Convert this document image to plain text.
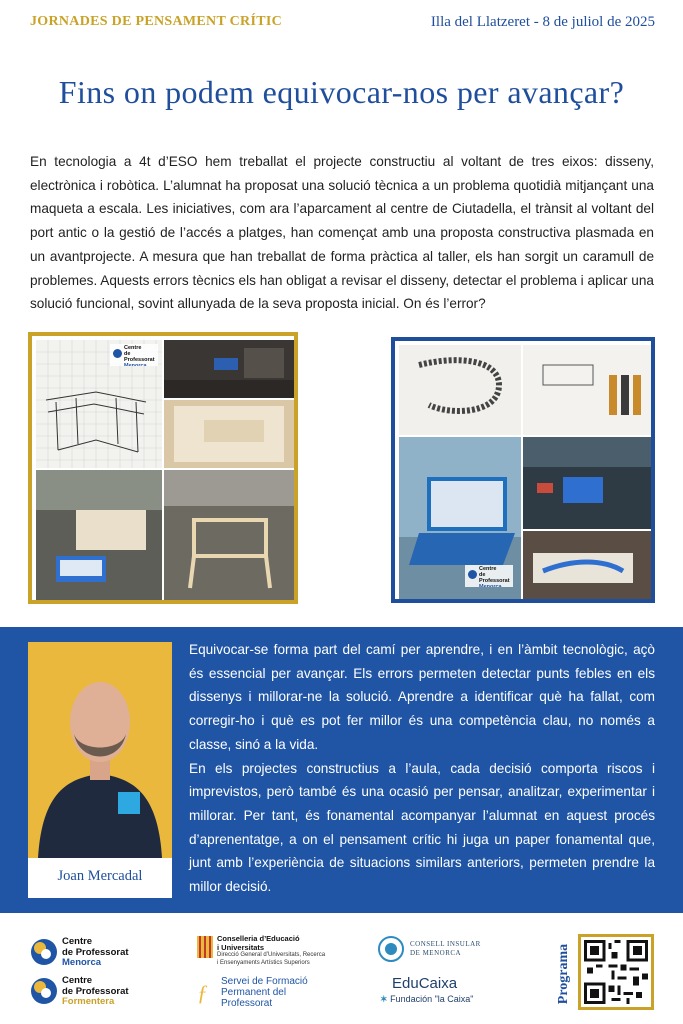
JORNADES DE PENSAMENT CRÍTIC	Illa del Llatzeret - 8 de juliol de 2025
Fins on podem equivocar-nos per avançar?
En tecnologia a 4t d’ESO hem treballat el projecte constructiu al voltant de tres eixos: disseny, electrònica i robòtica. L’alumnat ha proposat una solució tècnica a un problema quotidià mitjançant una maqueta a escala. Les iniciatives, com ara l’aparcament al centre de Ciutadella, el trànsit al voltant del port antic o la gestió de l’accés a platges, han començat amb una proposta constructiva plasmada en un avantprojecte. A mesura que han treballat de forma pràctica al taller, els han sorgit un caramull de problemes. Aquests errors tècnics els han obligat a revisar el disseny, detectar el problema i aplicar una solució funcional, sovint allunyada de la seva proposta inicial. On és l’error?
Centre
de Professorat
Menorca
Centre
de Professorat
Menorca
Joan Mercadal

Equivocar-se forma part del camí per aprendre, i en l’àmbit tecnològic, açò és essencial per avançar. Els errors permeten detectar punts febles en els dissenys i millorar-ne la solució. Aprendre a identificar què ha fallat, com corregir-ho i què es pot fer millor és una competència clau, no només a classe, sinó a la vida.

En els projectes constructius a l’aula, cada decisió comporta riscos i imprevistos, però també és una ocasió per pensar, analitzar, experimentar i millorar. Per tant, és fonamental acompanyar l’alumnat en aquest procés d’aprenentatge, a on el pensament crític hi juga un paper fonamental que, junt amb l’experiència de situacions similars anteriors, permeten prendre la millor decisió.

Centre
de Professorat
Menorca
Centre
de Professorat
Formentera
Conselleria d’Educació
i Universitats
Direcció General d’Universitats, Recerca
i Ensenyaments Artístics Superiors
ƒ	Servei de Formació
Permanent del
Professorat
CONSELL INSULAR
DE MENORCA
EduCaixa
✶ Fundación "la Caixa"	Programa
